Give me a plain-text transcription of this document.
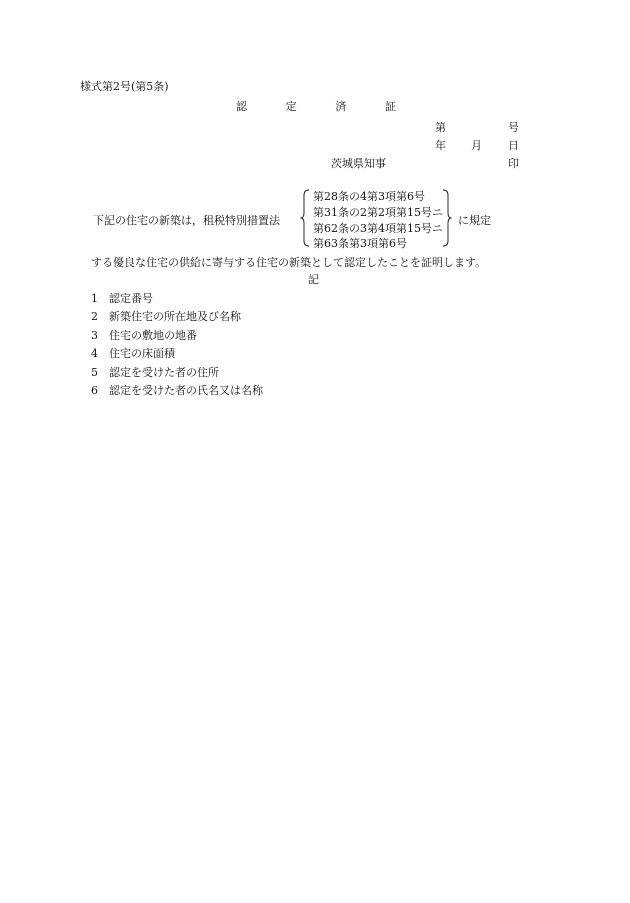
様式第2号(第5条)
認	定	済	証
第	号
年 月 日
茨城県知事	印
下記の住宅の新築は，租税特別措置法
第28条の4第3項第6号
第31条の2第2項第15号ニ
第62条の3第4項第15号ニ
第63条第3項第6号
に規定
する優良な住宅の供給に寄与する住宅の新築として認定したことを証明します。
記
1 認定番号
2 新築住宅の所在地及び名称
3 住宅の敷地の地番
4 住宅の床面積
5 認定を受けた者の住所
6 認定を受けた者の氏名又は名称
